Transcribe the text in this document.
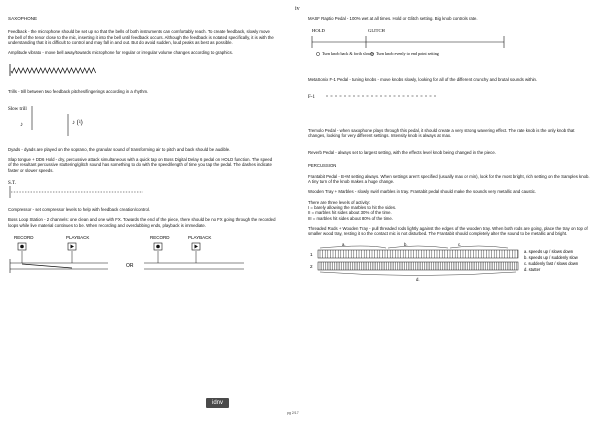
iv
SAXOPHONE

Feedback - the microphone should be set up so that the bells of both instruments can comfortably reach. To create feedback, slowly move the bell of the tenor close to the mic, inserting it into the bell until feedback occurs. Although the feedback is notated specifically, it is with the understanding that it is difficult to control and may fall in and out. But do avoid sudden, loud peaks as best as possible.

Amplitude vibrato - move bell away/towards microphone for regular or irregular volume changes according to graphics.

Trills - trill between two feedback pitches/fingerings according in a rhythm.

Slow trill
♪	♪ (♮)

Dyads - dyads are played on the soprano, the granular sound of transforming air to pitch and back should be audible.

Slap tongue + DD6 Hold - dry, percussive attack simultaneous with a quick tap on Boss Digital Delay 6 pedal on HOLD function. The speed of the resultant percussive stuttering/glitch sound has something to do with the speed/length of time you tap the pedal. The dashes indicate faster or slower speeds.

S.T.

Compressor - set compressor levels to help with feedback creation/control.

Boss Loop Station - 2 channels: one clean and one with FX. Towards the end of the piece, there should be no FX going through the recorded loops while live material continues to be. When recording and overdubbing ends, playback is immediate.

RECORD	PLAYBACK
OR
RECORD	PLAYBACK
idnv

MASF Raptio Pedal - 100% wet at all times. Hold or Glitch setting. Big knob controls rate.

HOLD	GLITCH
Turn knob back & forth slowly Turn knob evenly to end point setting

MetaSonix F-1 Pedal - tuning knobs - move knobs slowly, looking for all of the different crunchy and brutal sounds within.

F-1

Tremolo Pedal - when saxophone plays through this pedal, it should create a very strong wavering effect. The rate knob is the only knob that changes, looking for very different settings. Intensity knob is always at max.

Reverb Pedal - always set to largest setting, with the effects level knob being changed in the piece.

PERCUSSION

Frantabit Pedal - B+M setting always. When settings aren't specified (usually max or min), look for the most bright, rich setting on the Samples knob. A tiny turn of the knob makes a huge change.

Wooden Tray + Marbles - slowly swirl marbles in tray. Frantabit pedal should make the sounds very metallic and caustic.

There are three levels of activity:

I = barely allowing the marbles to hit the sides.
II = marbles hit sides about 30% of the time.
III = marbles hit sides about 80% of the time.

Threaded Rods + Wooden Tray - pull threaded rods lightly against the edges of the wooden tray. When both rods are going, place the tray on top of smaller wood tray, resting it so the contact mic is not disturbed. The Frantabit should completely alter the sound to be metallic and bright.

a.	b.	c.
1
2
d.
a. speeds up / slows down
b. speeds up / suddenly slow
c. suddenly fast / slows down
d. stutter
pg 2/17
